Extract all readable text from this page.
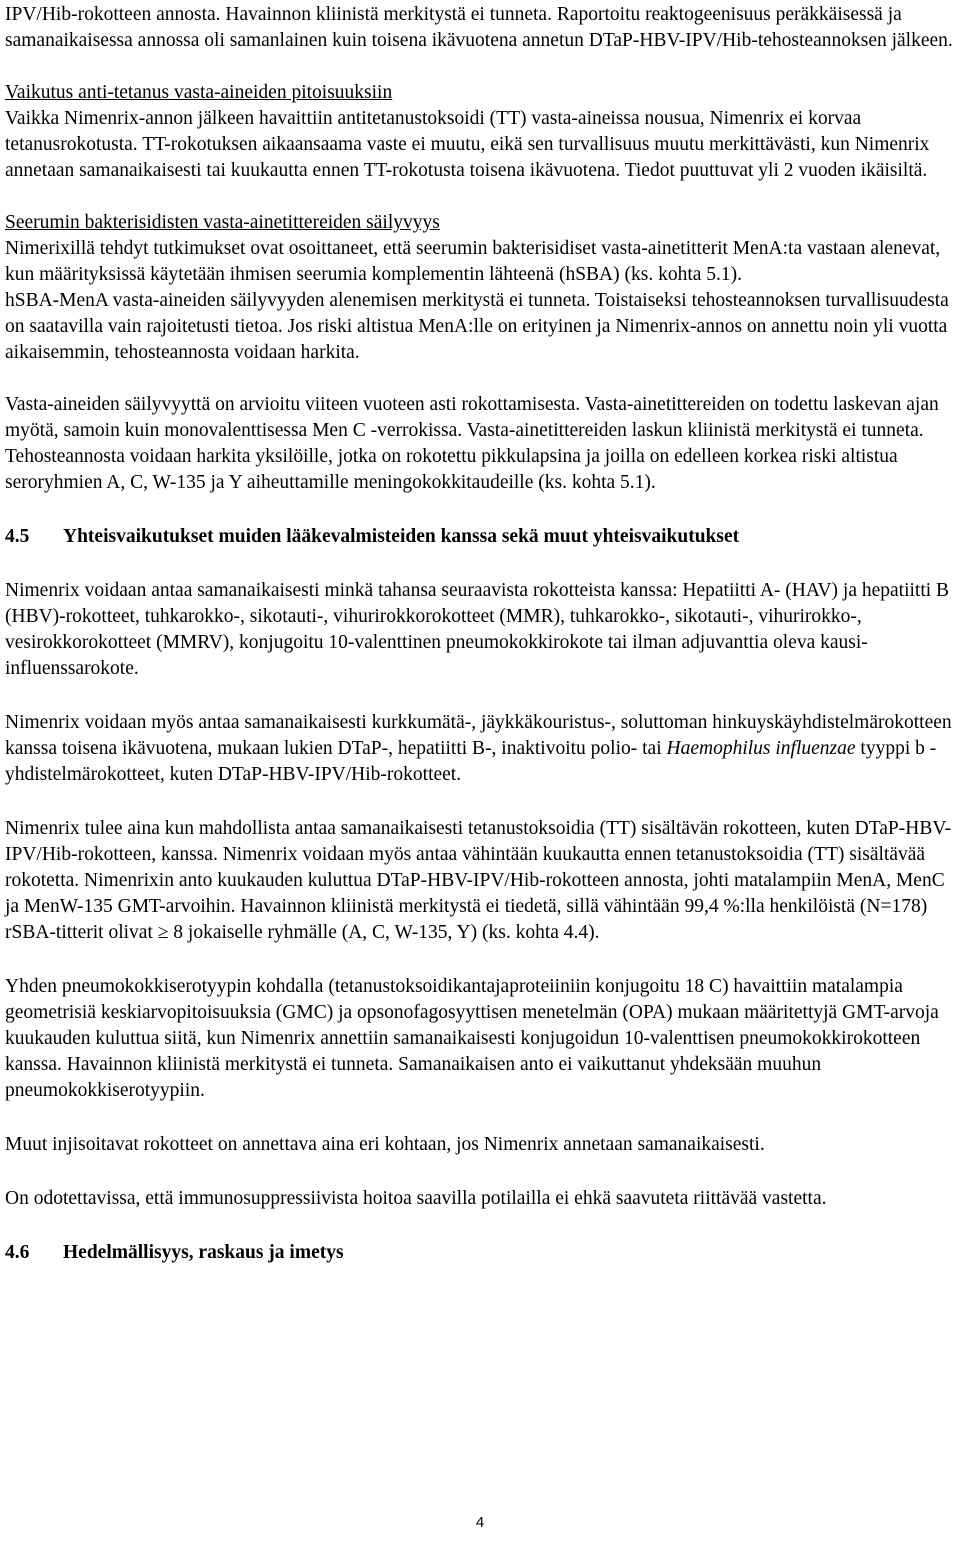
IPV/Hib-rokotteen annosta. Havainnon kliinistä merkitystä ei tunneta. Raportoitu reaktogeenisuus peräkkäisessä ja samanaikaisessa annossa oli samanlainen kuin toisena ikävuotena annetun DTaP-HBV-IPV/Hib-tehosteannoksen jälkeen.

Vaikutus anti-tetanus vasta-aineiden pitoisuuksiin

Vaikka Nimenrix-annon jälkeen havaittiin antitetanustoksoidi (TT) vasta-aineissa nousua, Nimenrix ei korvaa tetanusrokotusta. TT-rokotuksen aikaansaama vaste ei muutu, eikä sen turvallisuus muutu merkittävästi, kun Nimenrix annetaan samanaikaisesti tai kuukautta ennen TT-rokotusta toisena ikävuotena. Tiedot puuttuvat yli 2 vuoden ikäisiltä.

Seerumin bakterisidisten vasta-ainetittereiden säilyvyys

Nimerixillä tehdyt tutkimukset ovat osoittaneet, että seerumin bakterisidiset vasta-ainetitterit MenA:ta vastaan alenevat, kun määrityksissä käytetään ihmisen seerumia komplementin lähteenä (hSBA) (ks. kohta 5.1).

hSBA-MenA vasta-aineiden säilyvyyden alenemisen merkitystä ei tunneta. Toistaiseksi tehosteannoksen turvallisuudesta on saatavilla vain rajoitetusti tietoa. Jos riski altistua MenA:lle on erityinen ja Nimenrix-annos on annettu noin yli vuotta aikaisemmin, tehosteannosta voidaan harkita.

Vasta-aineiden säilyvyyttä on arvioitu viiteen vuoteen asti rokottamisesta. Vasta-ainetittereiden on todettu laskevan ajan myötä, samoin kuin monovalenttisessa Men C -verrokissa. Vasta-ainetittereiden laskun kliinistä merkitystä ei tunneta. Tehosteannosta voidaan harkita yksilöille, jotka on rokotettu pikkulapsina ja joilla on edelleen korkea riski altistua seroryhmien A, C, W-135 ja Y aiheuttamille meningokokkitaudeille (ks. kohta 5.1).

4.5	Yhteisvaikutukset muiden lääkevalmisteiden kanssa sekä muut yhteisvaikutukset

Nimenrix voidaan antaa samanaikaisesti minkä tahansa seuraavista rokotteista kanssa: Hepatiitti A- (HAV) ja hepatiitti B (HBV)-rokotteet, tuhkarokko-, sikotauti-, vihurirokkorokotteet (MMR), tuhkarokko-, sikotauti-, vihurirokko-, vesirokkorokotteet (MMRV), konjugoitu 10-valenttinen pneumokokkirokote tai ilman adjuvanttia oleva kausi-influenssarokote.

Nimenrix voidaan myös antaa samanaikaisesti kurkkumätä-, jäykkäkouristus-, soluttoman hinkuyskäyhdistelmärokotteen kanssa toisena ikävuotena, mukaan lukien DTaP-, hepatiitti B-, inaktivoitu polio- tai Haemophilus influenzae tyyppi b -yhdistelmärokotteet, kuten DTaP-HBV-IPV/Hib-rokotteet.

Nimenrix tulee aina kun mahdollista antaa samanaikaisesti tetanustoksoidia (TT) sisältävän rokotteen, kuten DTaP-HBV-IPV/Hib-rokotteen, kanssa. Nimenrix voidaan myös antaa vähintään kuukautta ennen tetanustoksoidia (TT) sisältävää rokotetta. Nimenrixin anto kuukauden kuluttua DTaP-HBV-IPV/Hib-rokotteen annosta, johti matalampiin MenA, MenC ja MenW-135 GMT-arvoihin. Havainnon kliinistä merkitystä ei tiedetä, sillä vähintään 99,4 %:lla henkilöistä (N=178) rSBA-titterit olivat ≥ 8 jokaiselle ryhmälle (A, C, W-135, Y) (ks. kohta 4.4).

Yhden pneumokokkiserotyypin kohdalla (tetanustoksoidikantajaproteiiniin konjugoitu 18 C) havaittiin matalampia geometrisiä keskiarvopitoisuuksia (GMC) ja opsonofagosyyttisen menetelmän (OPA) mukaan määritettyjä GMT-arvoja kuukauden kuluttua siitä, kun Nimenrix annettiin samanaikaisesti konjugoidun 10-valenttisen pneumokokkirokotteen kanssa. Havainnon kliinistä merkitystä ei tunneta. Samanaikaisen anto ei vaikuttanut yhdeksään muuhun pneumokokkiserotyypiin.

Muut injisoitavat rokotteet on annettava aina eri kohtaan, jos Nimenrix annetaan samanaikaisesti.

On odotettavissa, että immunosuppressiivista hoitoa saavilla potilailla ei ehkä saavuteta riittävää vastetta.

4.6	Hedelmällisyys, raskaus ja imetys
4
